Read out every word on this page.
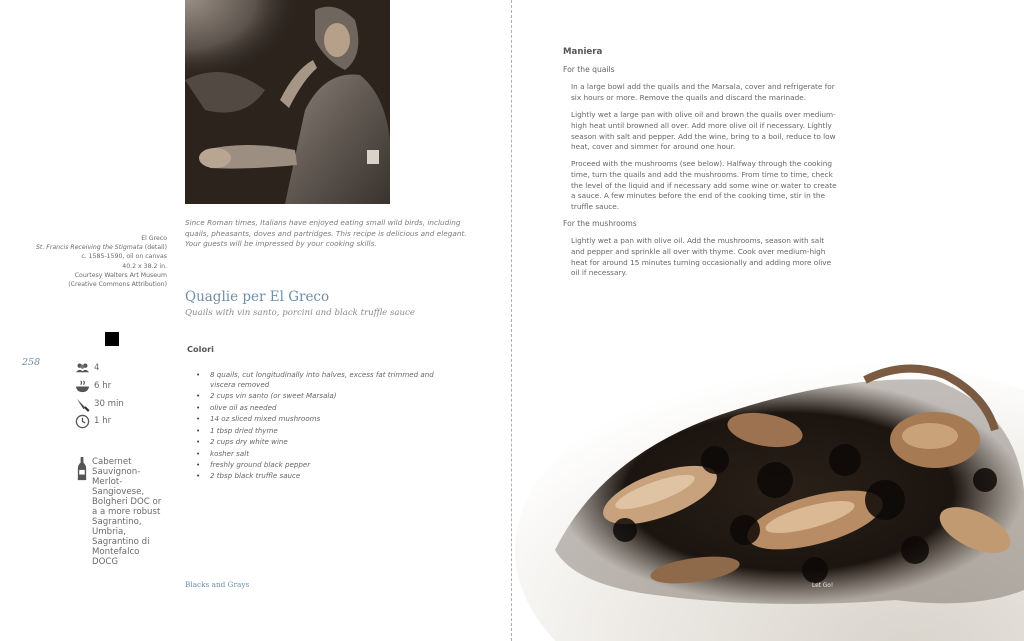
El Greco
St. Francis Receiving the Stigmata (detail)
c. 1585-1590, oil on canvas
40.2 x 38.2 in.
Courtesy Walters Art Museum
(Creative Commons Attribution)
Since Roman times, Italians have enjoyed eating small wild birds, including quails, pheasants, doves and partridges. This recipe is delicious and elegant. Your guests will be impressed by your cooking skills.
Quaglie per El Greco
Quails with vin santo, porcini and black truffle sauce
258	4
6 hr
30 min
1 hr
Cabernet Sauvignon-Merlot-Sangiovese, Bolgheri DOC or a a more robust Sagrantino, Umbria, Sagrantino di Montefalco DOCG
Colori
• 8 quails, cut longitudinally into halves, excess fat trimmed and viscera removed
• 2 cups vin santo (or sweet Marsala)
• olive oil as needed
• 14 oz sliced mixed mushrooms
• 1 tbsp dried thyme
• 2 cups dry white wine
• kosher salt
• freshly ground black pepper
• 2 tbsp black truffle sauce
Blacks and Grays
Maniera
For the quails
In a large bowl add the quails and the Marsala, cover and refrigerate for six hours or more. Remove the quails and discard the marinade.
Lightly wet a large pan with olive oil and brown the quails over medium-high heat until browned all over. Add more olive oil if necessary. Lightly season with salt and pepper. Add the wine, bring to a boil, reduce to low heat, cover and simmer for around one hour.
Proceed with the mushrooms (see below). Halfway through the cooking time, turn the quails and add the mushrooms. From time to time, check the level of the liquid and if necessary add some wine or water to create a sauce. A few minutes before the end of the cooking time, stir in the truffle sauce.
For the mushrooms
Lightly wet a pan with olive oil. Add the mushrooms, season with salt and pepper and sprinkle all over with thyme. Cook over medium-high heat for around 15 minutes turning occasionally and adding more olive oil if necessary.
Let Go!
